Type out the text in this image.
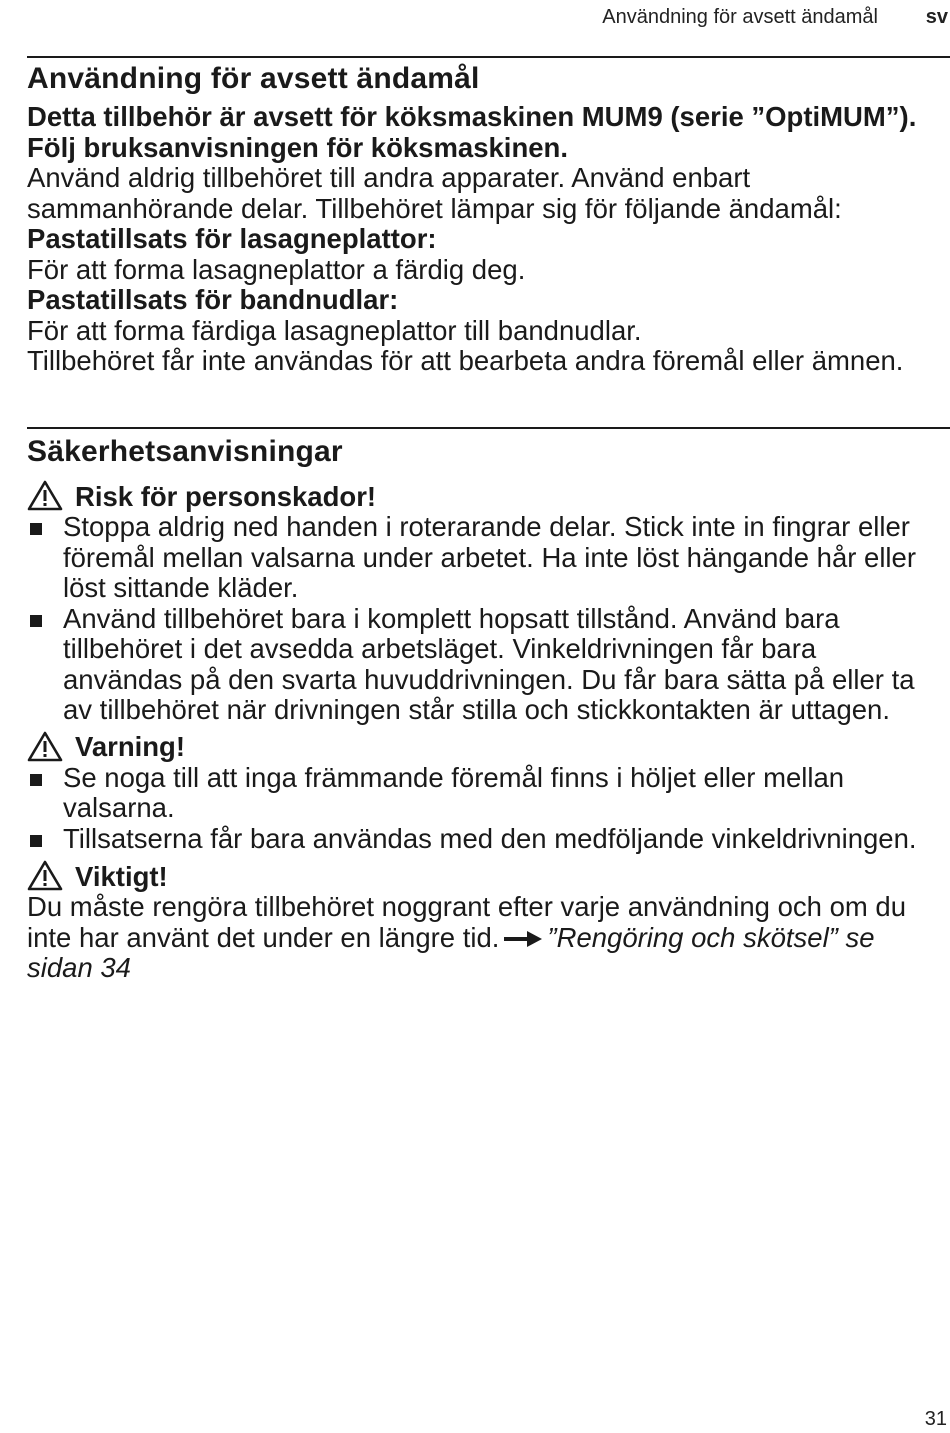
Användning för avsett ändamål sv
Användning för avsett ändamål

Detta tillbehör är avsett för köksmaskinen MUM9 (serie ”OptiMUM”). Följ bruksanvisningen för köksmaskinen.

Använd aldrig tillbehöret till andra apparater. Använd enbart sammanhörande delar. Tillbehöret lämpar sig för följande ändamål:

Pastatillsats för lasagneplattor:

För att forma lasagneplattor a färdig deg.

Pastatillsats för bandnudlar:

För att forma färdiga lasagneplattor till bandnudlar.

Tillbehöret får inte användas för att bearbeta andra föremål eller ämnen.

Säkerhetsanvisningar
Risk för personskador!
Stoppa aldrig ned handen i roterarande delar. Stick inte in fingrar eller föremål mellan valsarna under arbetet. Ha inte löst hängande hår eller löst sittande kläder.
Använd tillbehöret bara i komplett hopsatt tillstånd. Använd bara tillbehöret i det avsedda arbetsläget. Vinkeldrivningen får bara användas på den svarta huvuddrivningen. Du får bara sätta på eller ta av tillbehöret när drivningen står stilla och stickkontakten är uttagen.
Varning!
Se noga till att inga främmande föremål finns i höljet eller mellan valsarna.
Tillsatserna får bara användas med den medföljande vinkeldrivningen.
Viktigt!

Du måste rengöra tillbehöret noggrant efter varje användning och om du inte har använt det under en längre tid. ”Rengöring och skötsel” se sidan 34

31
